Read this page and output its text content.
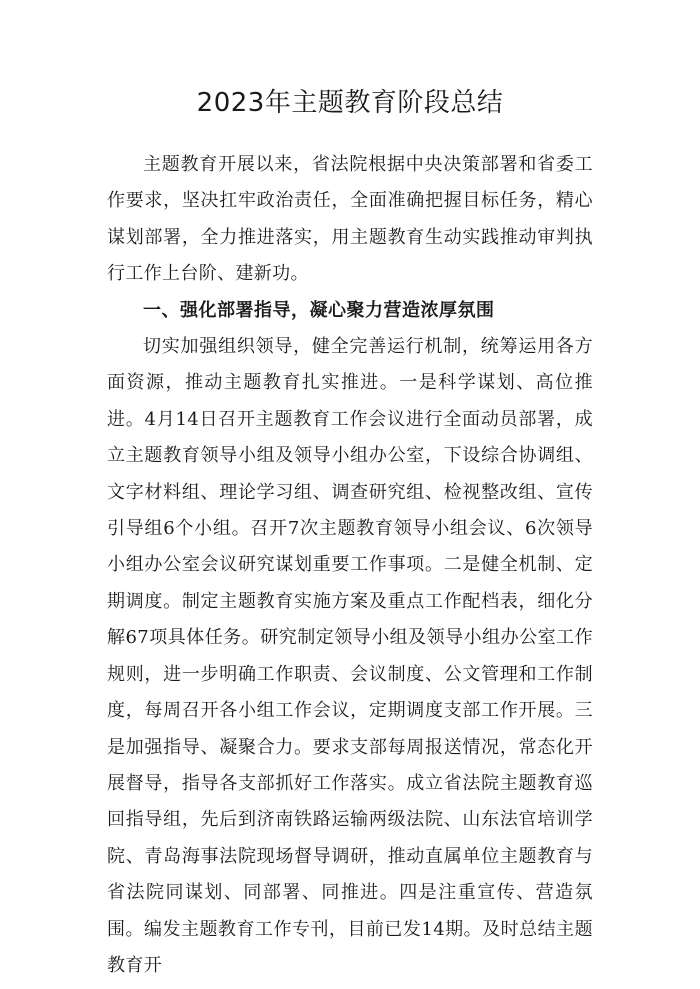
2023年主题教育阶段总结

主题教育开展以来，省法院根据中央决策部署和省委工作要求，坚决扛牢政治责任，全面准确把握目标任务，精心谋划部署，全力推进落实，用主题教育生动实践推动审判执行工作上台阶、建新功。

一、强化部署指导，凝心聚力营造浓厚氛围

切实加强组织领导，健全完善运行机制，统筹运用各方面资源，推动主题教育扎实推进。一是科学谋划、高位推进。4月14日召开主题教育工作会议进行全面动员部署，成立主题教育领导小组及领导小组办公室，下设综合协调组、文字材料组、理论学习组、调查研究组、检视整改组、宣传引导组6个小组。召开7次主题教育领导小组会议、6次领导小组办公室会议研究谋划重要工作事项。二是健全机制、定期调度。制定主题教育实施方案及重点工作配档表，细化分解67项具体任务。研究制定领导小组及领导小组办公室工作规则，进一步明确工作职责、会议制度、公文管理和工作制度，每周召开各小组工作会议，定期调度支部工作开展。三是加强指导、凝聚合力。要求支部每周报送情况，常态化开展督导，指导各支部抓好工作落实。成立省法院主题教育巡回指导组，先后到济南铁路运输两级法院、山东法官培训学院、青岛海事法院现场督导调研，推动直属单位主题教育与省法院同谋划、同部署、同推进。四是注重宣传、营造氛围。编发主题教育工作专刊，目前已发14期。及时总结主题教育开
